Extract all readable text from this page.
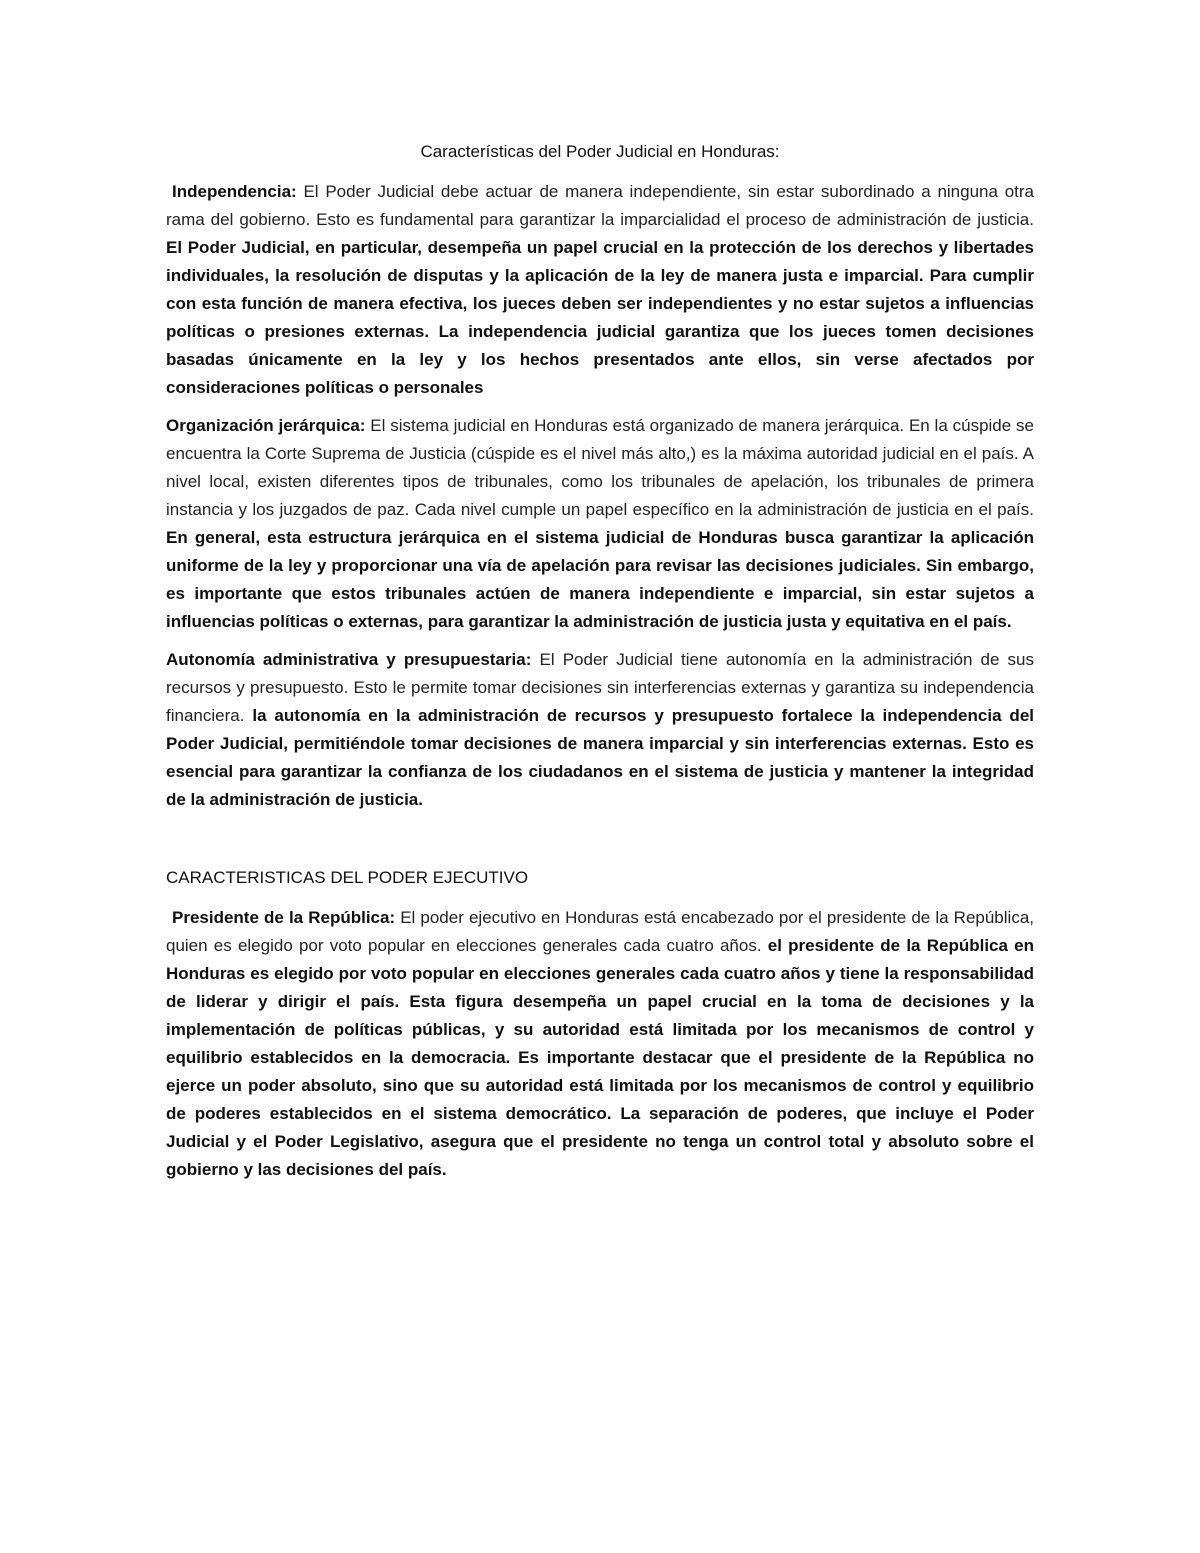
Características del Poder Judicial en Honduras:

Independencia: El Poder Judicial debe actuar de manera independiente, sin estar subordinado a ninguna otra rama del gobierno. Esto es fundamental para garantizar la imparcialidad el proceso de administración de justicia. El Poder Judicial, en particular, desempeña un papel crucial en la protección de los derechos y libertades individuales, la resolución de disputas y la aplicación de la ley de manera justa e imparcial. Para cumplir con esta función de manera efectiva, los jueces deben ser independientes y no estar sujetos a influencias políticas o presiones externas. La independencia judicial garantiza que los jueces tomen decisiones basadas únicamente en la ley y los hechos presentados ante ellos, sin verse afectados por consideraciones políticas o personales

Organización jerárquica: El sistema judicial en Honduras está organizado de manera jerárquica. En la cúspide se encuentra la Corte Suprema de Justicia (cúspide es el nivel más alto,) es la máxima autoridad judicial en el país. A nivel local, existen diferentes tipos de tribunales, como los tribunales de apelación, los tribunales de primera instancia y los juzgados de paz. Cada nivel cumple un papel específico en la administración de justicia en el país. En general, esta estructura jerárquica en el sistema judicial de Honduras busca garantizar la aplicación uniforme de la ley y proporcionar una vía de apelación para revisar las decisiones judiciales. Sin embargo, es importante que estos tribunales actúen de manera independiente e imparcial, sin estar sujetos a influencias políticas o externas, para garantizar la administración de justicia justa y equitativa en el país.

Autonomía administrativa y presupuestaria: El Poder Judicial tiene autonomía en la administración de sus recursos y presupuesto. Esto le permite tomar decisiones sin interferencias externas y garantiza su independencia financiera. la autonomía en la administración de recursos y presupuesto fortalece la independencia del Poder Judicial, permitiéndole tomar decisiones de manera imparcial y sin interferencias externas. Esto es esencial para garantizar la confianza de los ciudadanos en el sistema de justicia y mantener la integridad de la administración de justicia.

CARACTERISTICAS DEL PODER EJECUTIVO

Presidente de la República: El poder ejecutivo en Honduras está encabezado por el presidente de la República, quien es elegido por voto popular en elecciones generales cada cuatro años. el presidente de la República en Honduras es elegido por voto popular en elecciones generales cada cuatro años y tiene la responsabilidad de liderar y dirigir el país. Esta figura desempeña un papel crucial en la toma de decisiones y la implementación de políticas públicas, y su autoridad está limitada por los mecanismos de control y equilibrio establecidos en la democracia. Es importante destacar que el presidente de la República no ejerce un poder absoluto, sino que su autoridad está limitada por los mecanismos de control y equilibrio de poderes establecidos en el sistema democrático. La separación de poderes, que incluye el Poder Judicial y el Poder Legislativo, asegura que el presidente no tenga un control total y absoluto sobre el gobierno y las decisiones del país.
